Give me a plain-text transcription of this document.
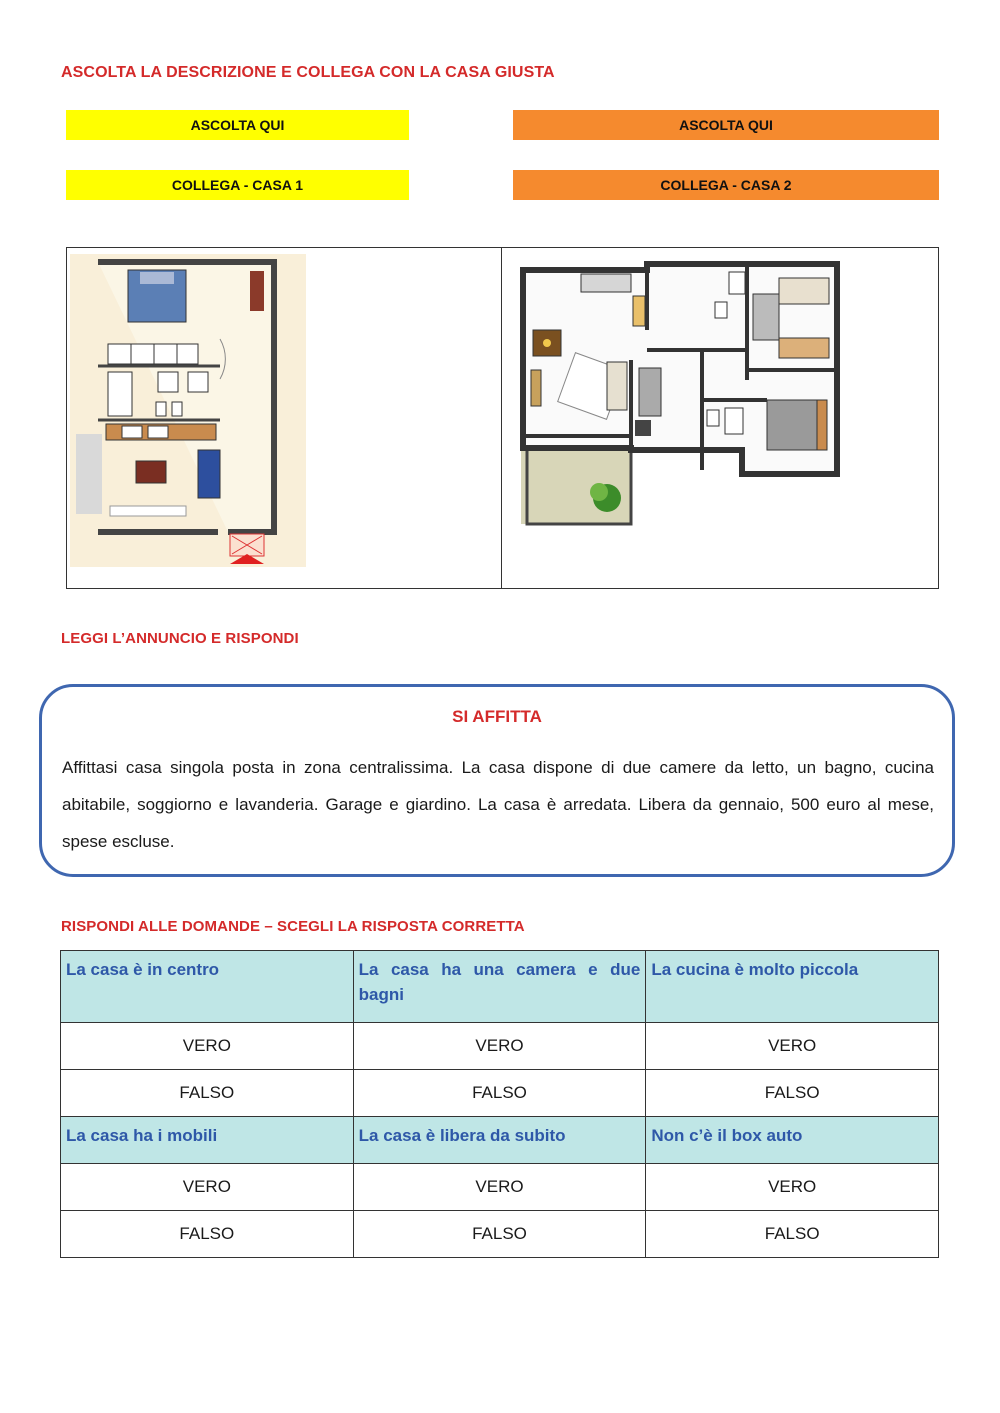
ASCOLTA LA DESCRIZIONE E COLLEGA CON LA CASA GIUSTA
ASCOLTA QUI	ASCOLTA QUI
COLLEGA - CASA 1	COLLEGA - CASA 2
LEGGI L’ANNUNCIO E RISPONDI
SI AFFITTA
Affittasi casa singola posta in zona centralissima. La casa dispone di due camere da letto, un bagno, cucina abitabile, soggiorno e lavanderia. Garage e giardino. La casa è arredata. Libera da gennaio, 500 euro al mese, spese escluse.
RISPONDI ALLE DOMANDE – SCEGLI LA RISPOSTA CORRETTA
La casa è in centro	La casa ha una camera e due bagni	La cucina è molto piccola
VERO	VERO	VERO
FALSO	FALSO	FALSO
La casa ha i mobili	La casa è libera da subito	Non c’è il box auto
VERO	VERO	VERO
FALSO	FALSO	FALSO
